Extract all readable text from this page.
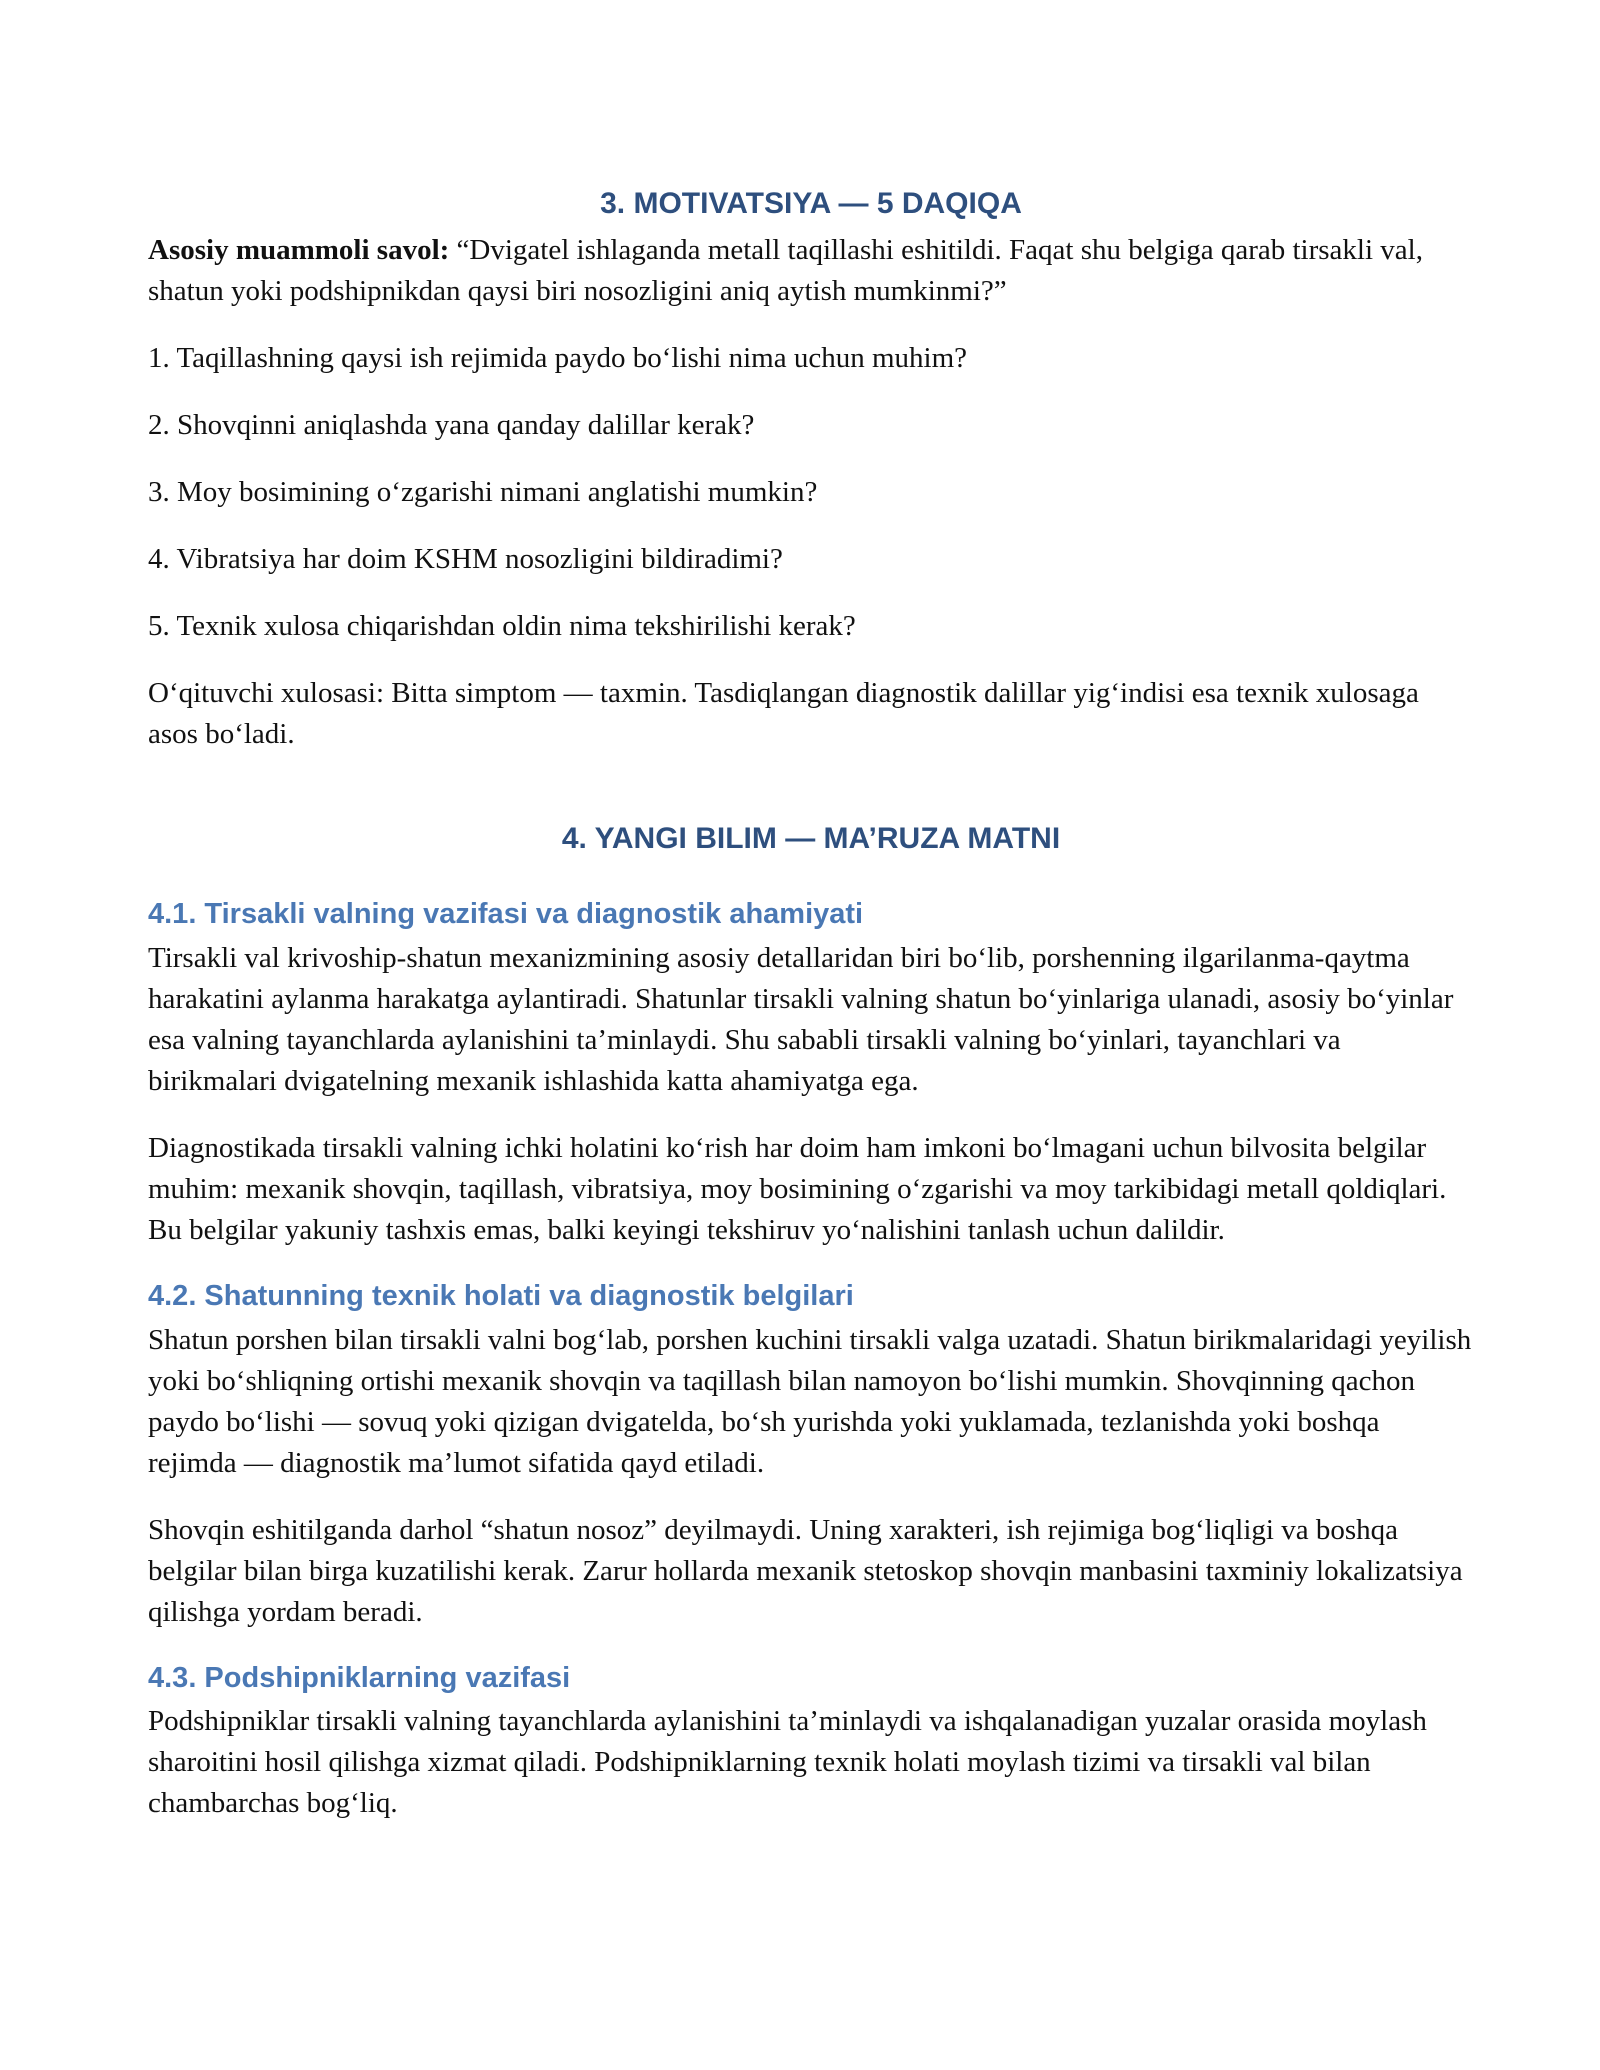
3. MOTIVATSIYA — 5 DAQIQA

Asosiy muammoli savol: “Dvigatel ishlaganda metall taqillashi eshitildi. Faqat shu belgiga qarab tirsakli val, shatun yoki podshipnikdan qaysi biri nosozligini aniq aytish mumkinmi?”

1. Taqillashning qaysi ish rejimida paydo boʻlishi nima uchun muhim?

2. Shovqinni aniqlashda yana qanday dalillar kerak?

3. Moy bosimining oʻzgarishi nimani anglatishi mumkin?

4. Vibratsiya har doim KSHM nosozligini bildiradimi?

5. Texnik xulosa chiqarishdan oldin nima tekshirilishi kerak?

Oʻqituvchi xulosasi: Bitta simptom — taxmin. Tasdiqlangan diagnostik dalillar yigʻindisi esa texnik xulosaga asos boʻladi.

4. YANGI BILIM — MA’RUZA MATNI
4.1. Tirsakli valning vazifasi va diagnostik ahamiyati

Tirsakli val krivoship-shatun mexanizmining asosiy detallaridan biri boʻlib, porshenning ilgarilanma-qaytma harakatini aylanma harakatga aylantiradi. Shatunlar tirsakli valning shatun boʻyinlariga ulanadi, asosiy boʻyinlar esa valning tayanchlarda aylanishini ta’minlaydi. Shu sababli tirsakli valning boʻyinlari, tayanchlari va birikmalari dvigatelning mexanik ishlashida katta ahamiyatga ega.

Diagnostikada tirsakli valning ichki holatini koʻrish har doim ham imkoni boʻlmagani uchun bilvosita belgilar muhim: mexanik shovqin, taqillash, vibratsiya, moy bosimining oʻzgarishi va moy tarkibidagi metall qoldiqlari. Bu belgilar yakuniy tashxis emas, balki keyingi tekshiruv yoʻnalishini tanlash uchun dalildir.

4.2. Shatunning texnik holati va diagnostik belgilari

Shatun porshen bilan tirsakli valni bogʻlab, porshen kuchini tirsakli valga uzatadi. Shatun birikmalaridagi yeyilish yoki boʻshliqning ortishi mexanik shovqin va taqillash bilan namoyon boʻlishi mumkin. Shovqinning qachon paydo boʻlishi — sovuq yoki qizigan dvigatelda, boʻsh yurishda yoki yuklamada, tezlanishda yoki boshqa rejimda — diagnostik ma’lumot sifatida qayd etiladi.

Shovqin eshitilganda darhol “shatun nosoz” deyilmaydi. Uning xarakteri, ish rejimiga bogʻliqligi va boshqa belgilar bilan birga kuzatilishi kerak. Zarur hollarda mexanik stetoskop shovqin manbasini taxminiy lokalizatsiya qilishga yordam beradi.

4.3. Podshipniklarning vazifasi

Podshipniklar tirsakli valning tayanchlarda aylanishini ta’minlaydi va ishqalanadigan yuzalar orasida moylash sharoitini hosil qilishga xizmat qiladi. Podshipniklarning texnik holati moylash tizimi va tirsakli val bilan chambarchas bogʻliq.
